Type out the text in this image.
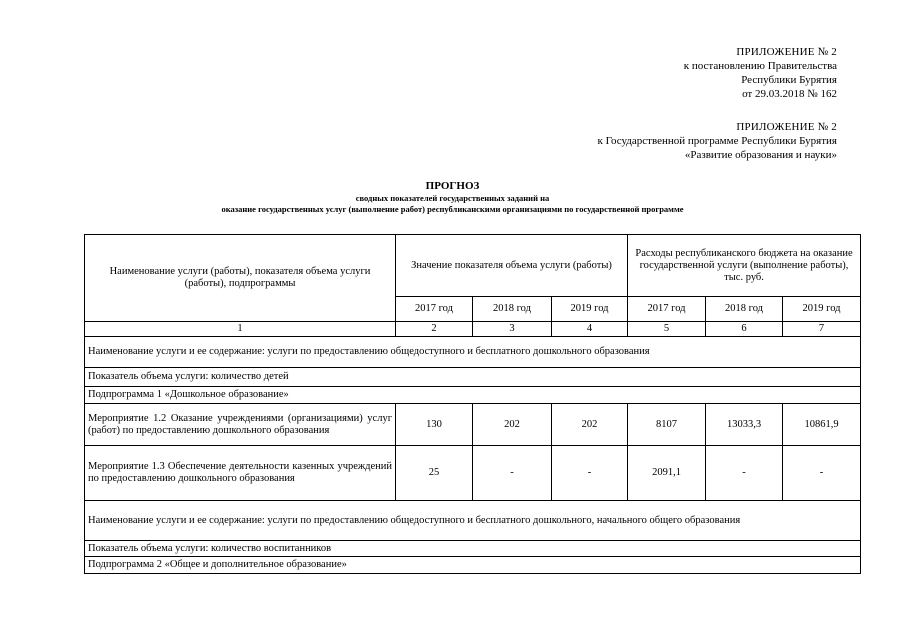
ПРИЛОЖЕНИЕ № 2
к постановлению Правительства
Республики Бурятия
от 29.03.2018 № 162
ПРИЛОЖЕНИЕ № 2
к Государственной программе Республики Бурятия
«Развитие образования и науки»
ПРОГНОЗ
сводных показателей государственных заданий на
оказание государственных услуг (выполнение работ) республиканскими организациями по государственной программе
Наименование услуги (работы), показателя объема услуги (работы), подпрограммы	Значение показателя объема услуги (работы)			Расходы республиканского бюджета на оказание государственной услуги (выполнение работы), тыс. руб.		
	2017 год	2018 год	2019 год	2017 год	2018 год	2019 год
1	2	3	4	5	6	7
Наименование услуги и ее содержание: услуги по предоставлению общедоступного и бесплатного дошкольного образования						
Показатель объема услуги: количество детей						
Подпрограмма 1 «Дошкольное образование»						
Мероприятие 1.2 Оказание учреждениями (организациями) услуг (работ) по предоставлению дошкольного образования	130	202	202	8107	13033,3	10861,9
Мероприятие 1.3 Обеспечение деятельности казенных учреждений по предоставлению дошкольного образования	25	-	-	2091,1	-	-
Наименование услуги и ее содержание: услуги по предоставлению общедоступного и бесплатного дошкольного, начального общего образования						
Показатель объема услуги: количество воспитанников						
Подпрограмма 2 «Общее и дополнительное образование»						
